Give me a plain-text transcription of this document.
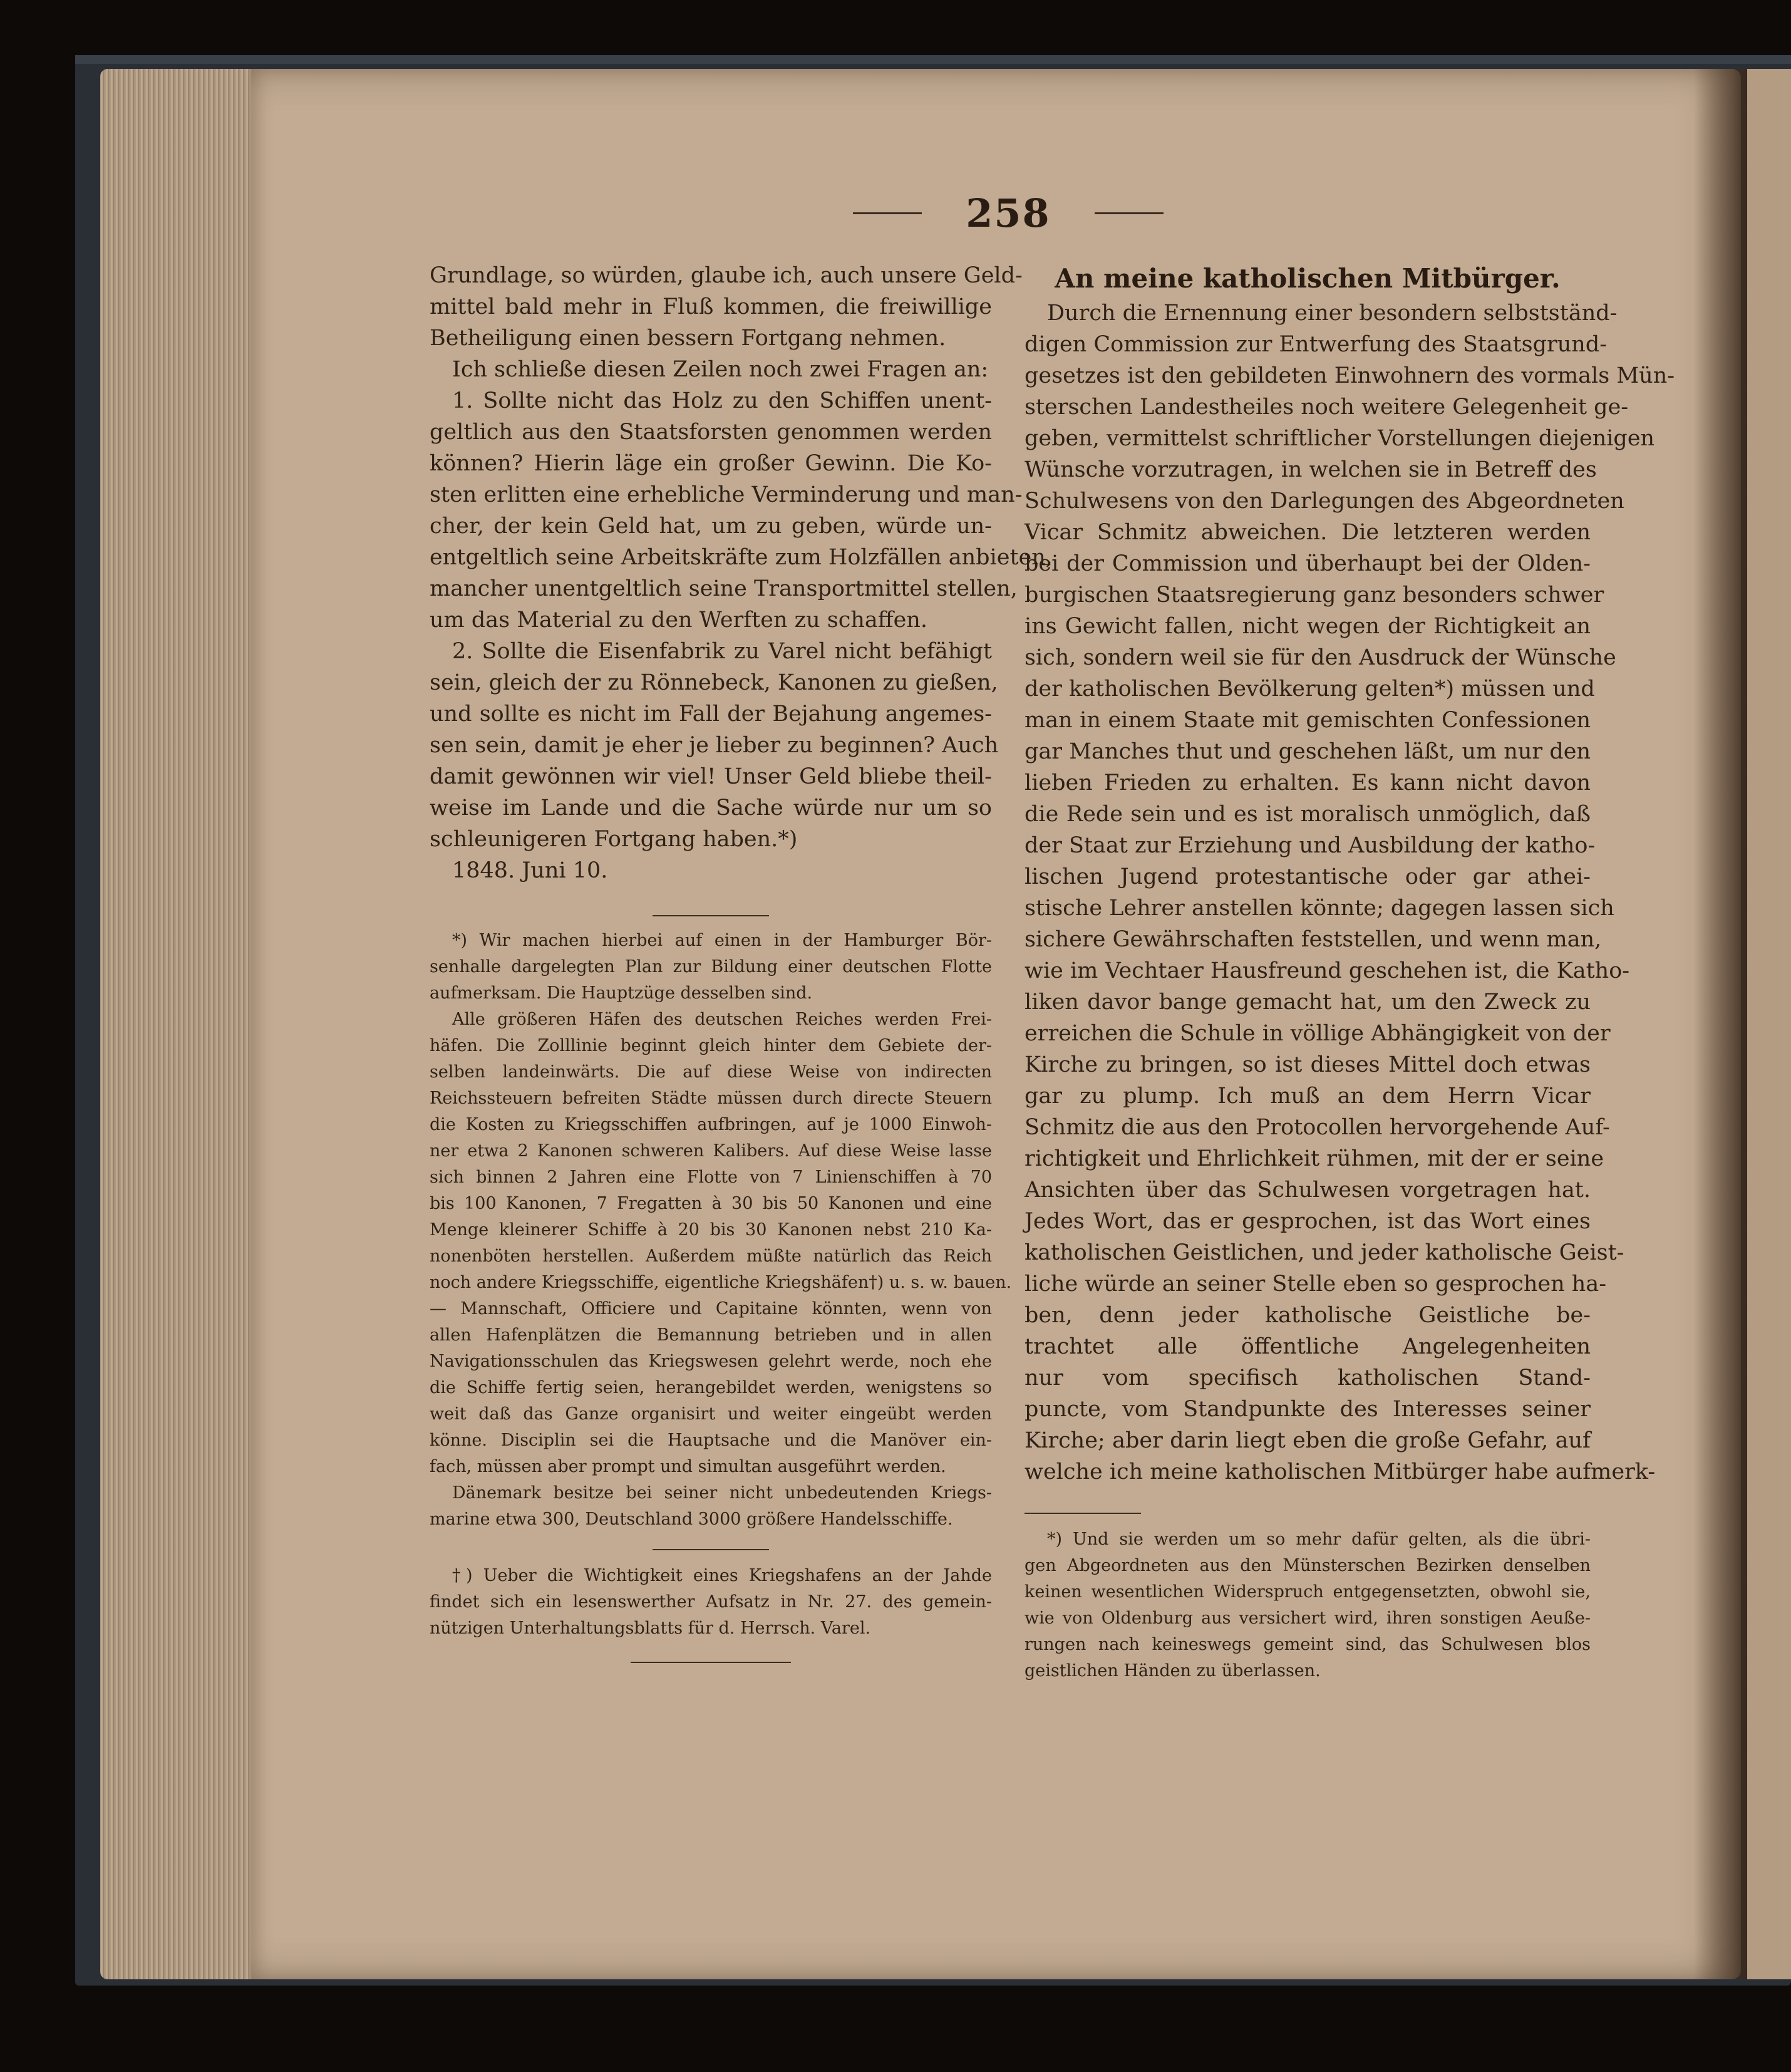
258
Grundlage, so würden, glaube ich, auch unsere Geld-
mittel bald mehr in Fluß kommen, die freiwillige
Betheiligung einen bessern Fortgang nehmen.
Ich schließe diesen Zeilen noch zwei Fragen an:
1. Sollte nicht das Holz zu den Schiffen unent-
geltlich aus den Staatsforsten genommen werden
können? Hierin läge ein großer Gewinn. Die Ko-
sten erlitten eine erhebliche Verminderung und man-
cher, der kein Geld hat, um zu geben, würde un-
entgeltlich seine Arbeitskräfte zum Holzfällen anbieten,
mancher unentgeltlich seine Transportmittel stellen,
um das Material zu den Werften zu schaffen.
2. Sollte die Eisenfabrik zu Varel nicht befähigt
sein, gleich der zu Rönnebeck, Kanonen zu gießen,
und sollte es nicht im Fall der Bejahung angemes-
sen sein, damit je eher je lieber zu beginnen? Auch
damit gewönnen wir viel! Unser Geld bliebe theil-
weise im Lande und die Sache würde nur um so
schleunigeren Fortgang haben.*)
1848. Juni 10.
*) Wir machen hierbei auf einen in der Hamburger Bör-
senhalle dargelegten Plan zur Bildung einer deutschen Flotte
aufmerksam. Die Hauptzüge desselben sind.
Alle größeren Häfen des deutschen Reiches werden Frei-
häfen. Die Zolllinie beginnt gleich hinter dem Gebiete der-
selben landeinwärts. Die auf diese Weise von indirecten
Reichssteuern befreiten Städte müssen durch directe Steuern
die Kosten zu Kriegsschiffen aufbringen, auf je 1000 Einwoh-
ner etwa 2 Kanonen schweren Kalibers. Auf diese Weise lasse
sich binnen 2 Jahren eine Flotte von 7 Linienschiffen à 70
bis 100 Kanonen, 7 Fregatten à 30 bis 50 Kanonen und eine
Menge kleinerer Schiffe à 20 bis 30 Kanonen nebst 210 Ka-
nonenböten herstellen. Außerdem müßte natürlich das Reich
noch andere Kriegsschiffe, eigentliche Kriegshäfen†) u. s. w. bauen.
— Mannschaft, Officiere und Capitaine könnten, wenn von
allen Hafenplätzen die Bemannung betrieben und in allen
Navigationsschulen das Kriegswesen gelehrt werde, noch ehe
die Schiffe fertig seien, herangebildet werden, wenigstens so
weit daß das Ganze organisirt und weiter eingeübt werden
könne. Disciplin sei die Hauptsache und die Manöver ein-
fach, müssen aber prompt und simultan ausgeführt werden.
Dänemark besitze bei seiner nicht unbedeutenden Kriegs-
marine etwa 300, Deutschland 3000 größere Handelsschiffe.
†) Ueber die Wichtigkeit eines Kriegshafens an der Jahde
findet sich ein lesenswerther Aufsatz in Nr. 27. des gemein-
nützigen Unterhaltungsblatts für d. Herrsch. Varel.
An meine katholischen Mitbürger.
Durch die Ernennung einer besondern selbstständ-
digen Commission zur Entwerfung des Staatsgrund-
gesetzes ist den gebildeten Einwohnern des vormals Mün-
sterschen Landestheiles noch weitere Gelegenheit ge-
geben, vermittelst schriftlicher Vorstellungen diejenigen
Wünsche vorzutragen, in welchen sie in Betreff des
Schulwesens von den Darlegungen des Abgeordneten
Vicar Schmitz abweichen. Die letzteren werden
bei der Commission und überhaupt bei der Olden-
burgischen Staatsregierung ganz besonders schwer
ins Gewicht fallen, nicht wegen der Richtigkeit an
sich, sondern weil sie für den Ausdruck der Wünsche
der katholischen Bevölkerung gelten*) müssen und
man in einem Staate mit gemischten Confessionen
gar Manches thut und geschehen läßt, um nur den
lieben Frieden zu erhalten. Es kann nicht davon
die Rede sein und es ist moralisch unmöglich, daß
der Staat zur Erziehung und Ausbildung der katho-
lischen Jugend protestantische oder gar athei-
stische Lehrer anstellen könnte; dagegen lassen sich
sichere Gewährschaften feststellen, und wenn man,
wie im Vechtaer Hausfreund geschehen ist, die Katho-
liken davor bange gemacht hat, um den Zweck zu
erreichen die Schule in völlige Abhängigkeit von der
Kirche zu bringen, so ist dieses Mittel doch etwas
gar zu plump. Ich muß an dem Herrn Vicar
Schmitz die aus den Protocollen hervorgehende Auf-
richtigkeit und Ehrlichkeit rühmen, mit der er seine
Ansichten über das Schulwesen vorgetragen hat.
Jedes Wort, das er gesprochen, ist das Wort eines
katholischen Geistlichen, und jeder katholische Geist-
liche würde an seiner Stelle eben so gesprochen ha-
ben, denn jeder katholische Geistliche be-
trachtet alle öffentliche Angelegenheiten
nur vom specifisch katholischen Stand-
puncte, vom Standpunkte des Interesses seiner
Kirche; aber darin liegt eben die große Gefahr, auf
welche ich meine katholischen Mitbürger habe aufmerk-
*) Und sie werden um so mehr dafür gelten, als die übri-
gen Abgeordneten aus den Münsterschen Bezirken denselben
keinen wesentlichen Widerspruch entgegensetzten, obwohl sie,
wie von Oldenburg aus versichert wird, ihren sonstigen Aeuße-
rungen nach keineswegs gemeint sind, das Schulwesen blos
geistlichen Händen zu überlassen.
